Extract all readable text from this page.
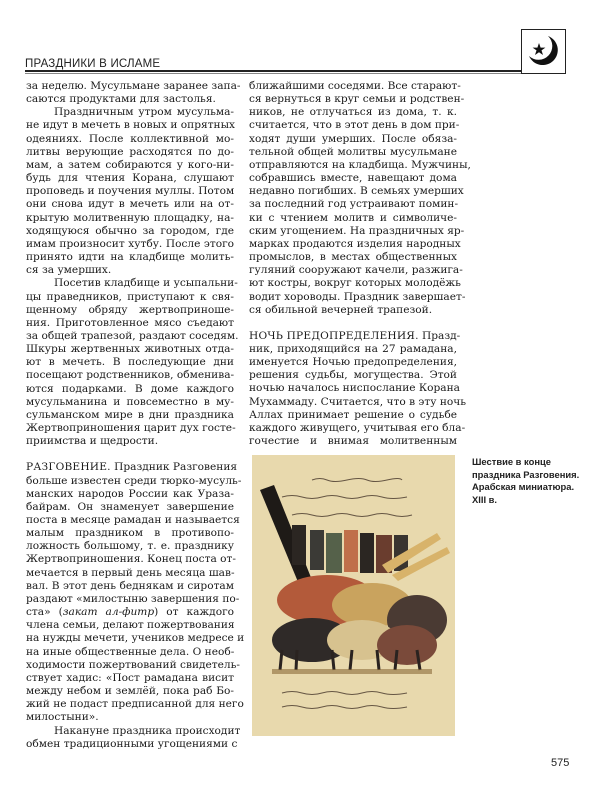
ПРАЗДНИКИ В ИСЛАМЕ
за неделю. Мусульмане заранее запа-
саются продуктами для застолья.
Праздничным утром мусульма-
не идут в мечеть в новых и опрятных
одеяниях. После коллективной мо-
литвы верующие расходятся по до-
мам, а затем собираются у кого-ни-
будь для чтения Корана, слушают
проповедь и поучения муллы. Потом
они снова идут в мечеть или на от-
крытую молитвенную площадку, на-
ходящуюся обычно за городом, где
имам произносит хутбу. После этого
принято идти на кладбище молить-
ся за умерших.
Посетив кладбище и усыпальни-
цы праведников, приступают к свя-
щенному обряду жертвоприноше-
ния. Приготовленное мясо съедают
за общей трапезой, раздают соседям.
Шкуры жертвенных животных отда-
ют в мечеть. В последующие дни
посещают родственников, обменива-
ются подарками. В доме каждого
мусульманина и повсеместно в му-
сульманском мире в дни праздника
Жертвоприношения царит дух госте-
приимства и щедрости.
РАЗГОВЕНИЕ. Праздник Разговения
больше известен среди тюрко-мусуль-
манских народов России как Ураза-
байрам. Он знаменует завершение
поста в месяце рамадан и называется
малым праздником в противопо-
ложность большому, т. е. празднику
Жертвоприношения. Конец поста от-
мечается в первый день месяца шав-
вал. В этот день беднякам и сиротам
раздают «милостыню завершения по-
ста» (закат ал-фитр) от каждого
члена семьи, делают пожертвования
на нужды мечети, учеников медресе и
на иные общественные дела. О необ-
ходимости пожертвований свидетель-
ствует хадис: «Пост рамадана висит
между небом и землёй, пока раб Бо-
жий не подаст предписанной для него
милостыни».
Накануне праздника происходит
обмен традиционными угощениями с
ближайшими соседями. Все старают-
ся вернуться в круг семьи и родствен-
ников, не отлучаться из дома, т. к.
считается, что в этот день в дом при-
ходят души умерших. После обяза-
тельной общей молитвы мусульмане
отправляются на кладбища. Мужчины,
собравшись вместе, навещают дома
недавно погибших. В семьях умерших
за последний год устраивают помин-
ки с чтением молитв и символиче-
ским угощением. На праздничных яр-
марках продаются изделия народных
промыслов, в местах общественных
гуляний сооружают качели, разжига-
ют костры, вокруг которых молодёжь
водит хороводы. Праздник завершает-
ся обильной вечерней трапезой.
НОЧЬ ПРЕДОПРЕДЕЛЕНИЯ. Празд-
ник, приходящийся на 27 рамадана,
именуется Ночью предопределения,
решения судьбы, могущества. Этой
ночью началось ниспослание Корана
Мухаммаду. Считается, что в эту ночь
Аллах принимает решение о судьбе
каждого живущего, учитывая его бла-
гочестие и внимая молитвенным
Шествие в конце
праздника Разговения.
Арабская миниатюра.
XIII в.
575
